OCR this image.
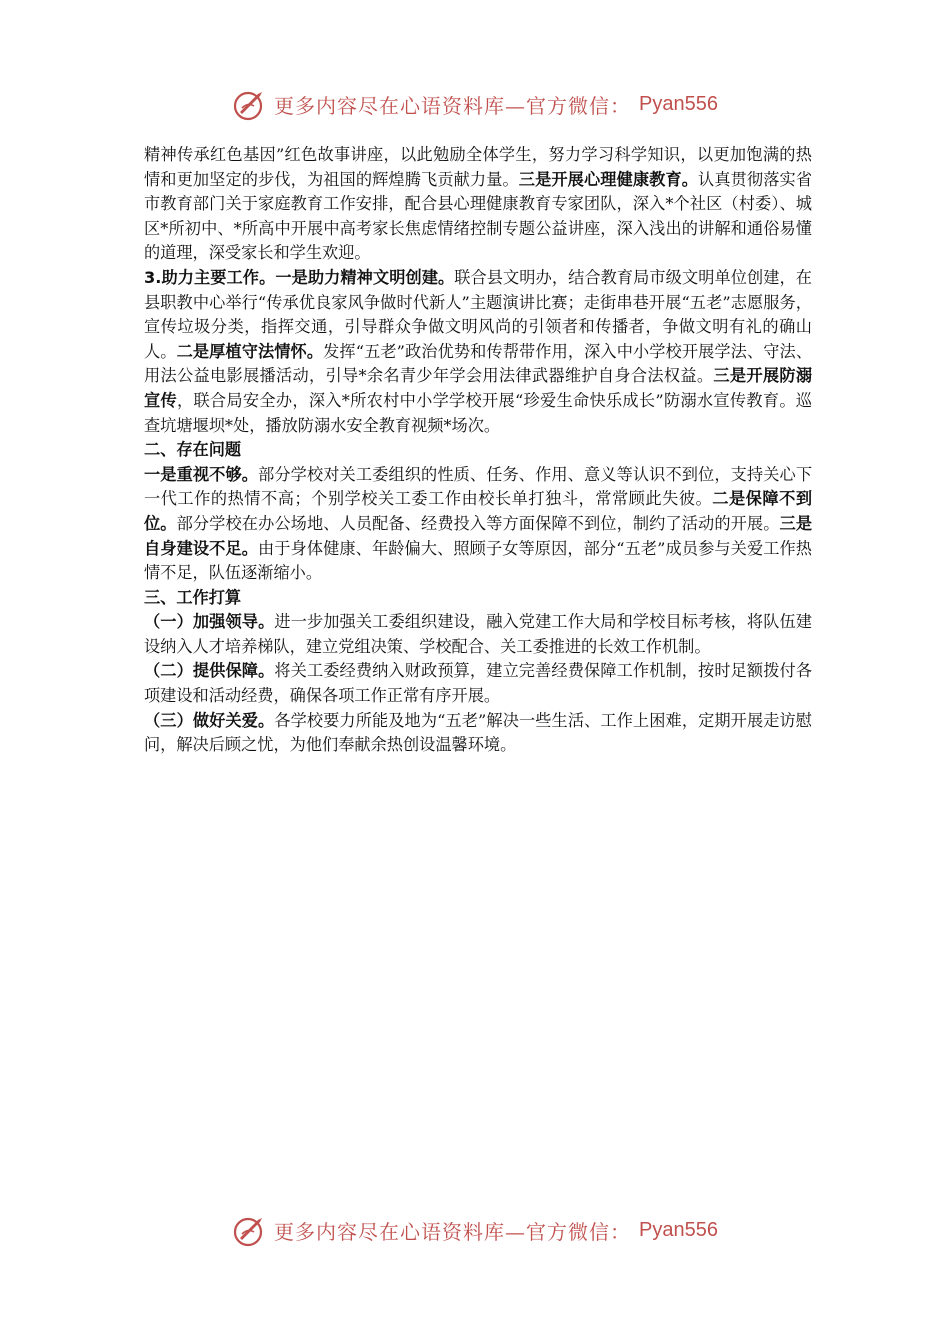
更多内容尽在心语资料库—官方微信： Pyan556

精神传承红色基因”红色故事讲座，以此勉励全体学生，努力学习科学知识，以更加饱满的热情和更加坚定的步伐，为祖国的辉煌腾飞贡献力量。三是开展心理健康教育。认真贯彻落实省市教育部门关于家庭教育工作安排，配合县心理健康教育专家团队，深入*个社区（村委）、城区*所初中、*所高中开展中高考家长焦虑情绪控制专题公益讲座，深入浅出的讲解和通俗易懂的道理，深受家长和学生欢迎。

3.助力主要工作。一是助力精神文明创建。联合县文明办，结合教育局市级文明单位创建，在县职教中心举行“传承优良家风争做时代新人”主题演讲比赛；走街串巷开展“五老”志愿服务，宣传垃圾分类，指挥交通，引导群众争做文明风尚的引领者和传播者，争做文明有礼的确山人。二是厚植守法情怀。发挥“五老”政治优势和传帮带作用，深入中小学校开展学法、守法、用法公益电影展播活动，引导*余名青少年学会用法律武器维护自身合法权益。三是开展防溺宣传，联合局安全办，深入*所农村中小学学校开展“珍爱生命快乐成长”防溺水宣传教育。巡查坑塘堰坝*处，播放防溺水安全教育视频*场次。

二、存在问题

一是重视不够。部分学校对关工委组织的性质、任务、作用、意义等认识不到位，支持关心下一代工作的热情不高；个别学校关工委工作由校长单打独斗，常常顾此失彼。二是保障不到位。部分学校在办公场地、人员配备、经费投入等方面保障不到位，制约了活动的开展。三是自身建设不足。由于身体健康、年龄偏大、照顾子女等原因，部分“五老”成员参与关爱工作热情不足，队伍逐渐缩小。

三、工作打算

（一）加强领导。进一步加强关工委组织建设，融入党建工作大局和学校目标考核，将队伍建设纳入人才培养梯队，建立党组决策、学校配合、关工委推进的长效工作机制。

（二）提供保障。将关工委经费纳入财政预算，建立完善经费保障工作机制，按时足额拨付各项建设和活动经费，确保各项工作正常有序开展。

（三）做好关爱。各学校要力所能及地为“五老”解决一些生活、工作上困难，定期开展走访慰问，解决后顾之忧，为他们奉献余热创设温馨环境。

更多内容尽在心语资料库—官方微信： Pyan556
